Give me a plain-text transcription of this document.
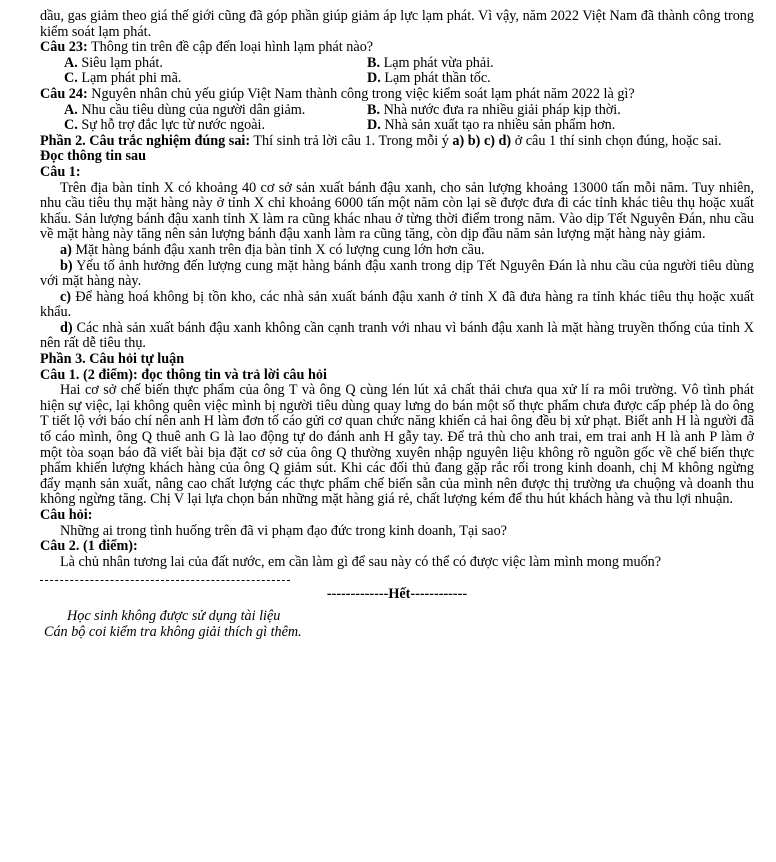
dầu, gas giảm theo giá thế giới cũng đã góp phần giúp giảm áp lực lạm phát. Vì vậy, năm 2022 Việt Nam đã thành công trong kiểm soát lạm phát.

Câu 23: Thông tin trên đề cập đến loại hình lạm phát nào?

A. Siêu lạm phát.	B. Lạm phát vừa phải.
C. Lạm phát phi mã.	D. Lạm phát thần tốc.

Câu 24: Nguyên nhân chủ yếu giúp Việt Nam thành công trong việc kiểm soát lạm phát năm 2022 là gì?

A. Nhu cầu tiêu dùng của người dân giảm.	B. Nhà nước đưa ra nhiều giải pháp kịp thời.
C. Sự hỗ trợ đắc lực từ nước ngoài.	D. Nhà sản xuất tạo ra nhiều sản phẩm hơn.

Phần 2. Câu trắc nghiệm đúng sai: Thí sinh trả lời câu 1. Trong mỗi ý a) b) c) d) ở câu 1 thí sinh chọn đúng, hoặc sai.

Đọc thông tin sau

Câu 1:

Trên địa bàn tỉnh X có khoảng 40 cơ sở sản xuất bánh đậu xanh, cho sản lượng khoảng 13000 tấn mỗi năm. Tuy nhiên, nhu cầu tiêu thụ mặt hàng này ở tỉnh X chỉ khoảng 6000 tấn một năm còn lại sẽ được đưa đi các tỉnh khác tiêu thụ hoặc xuất khẩu. Sản lượng bánh đậu xanh tỉnh X làm ra cũng khác nhau ở từng thời điểm trong năm. Vào dịp Tết Nguyên Đán, nhu cầu về mặt hàng này tăng nên sản lượng bánh đậu xanh làm ra cũng tăng, còn dịp đầu năm sản lượng mặt hàng này giảm.

a) Mặt hàng bánh đậu xanh trên địa bàn tỉnh X có lượng cung lớn hơn cầu.

b) Yếu tố ảnh hưởng đến lượng cung mặt hàng bánh đậu xanh trong dịp Tết Nguyên Đán là nhu cầu của người tiêu dùng với mặt hàng này.

c) Để hàng hoá không bị tồn kho, các nhà sản xuất bánh đậu xanh ở tỉnh X đã đưa hàng ra tỉnh khác tiêu thụ hoặc xuất khẩu.

d) Các nhà sản xuất bánh đậu xanh không cần cạnh tranh với nhau vì bánh đậu xanh là mặt hàng truyền thống của tỉnh X nên rất dễ tiêu thụ.

Phần 3. Câu hỏi tự luận

Câu 1. (2 điểm): đọc thông tin và trả lời câu hỏi

Hai cơ sở chế biến thực phẩm của ông T và ông Q cùng lén lút xả chất thải chưa qua xử lí ra môi trường. Vô tình phát hiện sự việc, lại không quên việc mình bị người tiêu dùng quay lưng do bán một số thực phẩm chưa được cấp phép là do ông T tiết lộ với báo chí nên anh H làm đơn tố cáo gửi cơ quan chức năng khiến cả hai ông đều bị xử phạt. Biết anh H là người đã tố cáo mình, ông Q thuê anh G là lao động tự do đánh anh H gẫy tay. Để trả thù cho anh trai, em trai anh H là anh P làm ở một tòa soạn báo đã viết bài bịa đặt cơ sở của ông Q thường xuyên nhập nguyên liệu không rõ nguồn gốc về chế biến thực phẩm khiến lượng khách hàng của ông Q giảm sút. Khi các đối thủ đang gặp rắc rối trong kinh doanh, chị M không ngừng đẩy mạnh sản xuất, nâng cao chất lượng các thực phẩm chế biến sẵn của mình nên được thị trường ưa chuộng và doanh thu không ngừng tăng. Chị V lại lựa chọn bán những mặt hàng giá rẻ, chất lượng kém để thu hút khách hàng và thu lợi nhuận.

Câu hỏi:

Những ai trong tình huống trên đã vi phạm đạo đức trong kinh doanh, Tại sao?

Câu 2. (1 điểm):

Là chủ nhân tương lai của đất nước, em cần làm gì để sau này có thể có được việc làm mình mong muốn?

-------------Hết------------

Học sinh không được sử dụng tài liệu

Cán bộ coi kiểm tra không giải thích gì thêm.
